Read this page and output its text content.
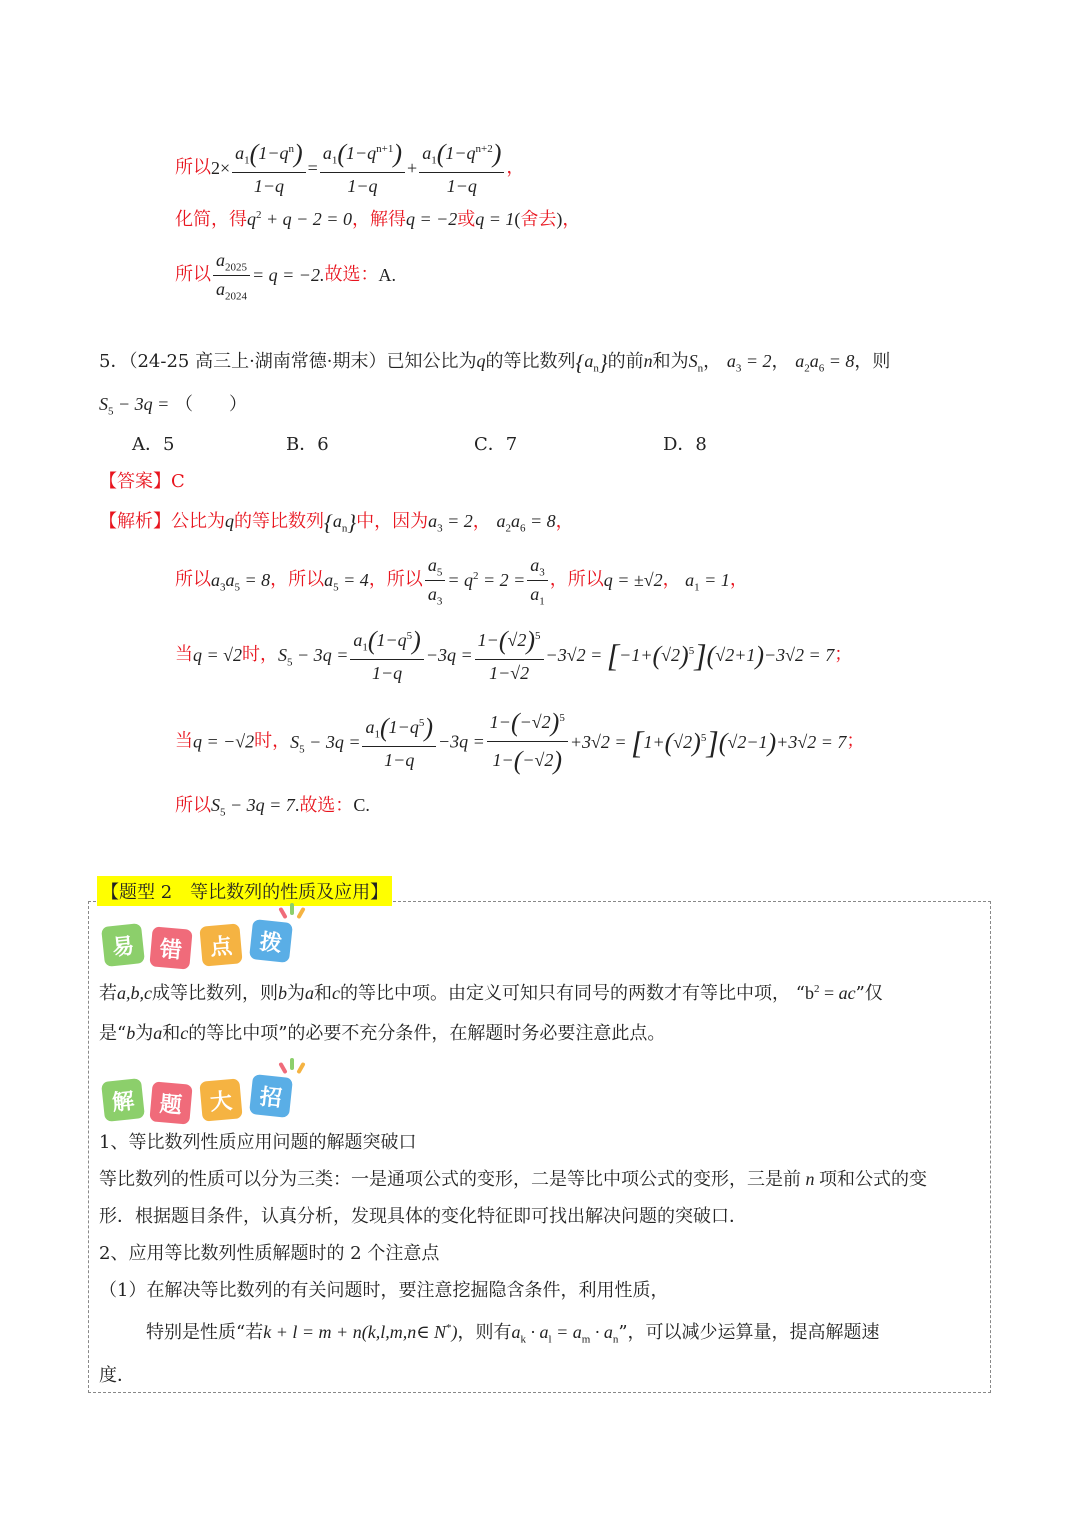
所以$2\times \frac{a_1(1-q^n)}{1-q} = \frac{a_1(1-q^{n+1})}{1-q} + \frac{a_1(1-q^{n+2})}{1-q}$ ，
化简，得$q^2 + q - 2 = 0$，解得q = −2或q = 1(舍去)，
所以 $\frac{a_{2025}}{a_{2024}} = q = -2$.故选：A.
5．（24-25 高三上·湖南常德·期末）已知公比为q的等比数列$\{a_n\}$的前n和为$S_n$， $a_3 = 2$， $a_2a_6 = 8$，则
$S_5 - 3q$ = （　　）
A．5	B．6	C．7	D．8
【答案】C
【解析】公比为q的等比数列$\{a_n\}$中，因为$a_3 = 2$， $a_2a_6 = 8$，
所以$a_3a_5 = 8$，所以$a_5 = 4$，所以 $\frac{a_5}{a_3} = q^2 = 2 = \frac{a_3}{a_1}$ ，所以q = ±√2， $a_1 = 1$，
当q = √2时，$S_5 - 3q = \frac{a_1(1-q^5)}{1-q} -3q = \frac{1-(√2)^5}{1-√2} -3√2 = [-1+(√2)^5](√2+1)-3√2 = 7$；
当q = −√2时，$S_5 - 3q = \frac{a_1(1-q^5)}{1-q} -3q = \frac{1-(-√2)^5}{1-(-√2)} +3√2 = [1+(√2)^5](√2-1)+3√2 = 7$；
所以$S_5 - 3q = 7$.故选：C.
【题型 2　等比数列的性质及应用】
易	错	点	拨
若a,b,c成等比数列，则b为a和c的等比中项。由定义可知只有同号的两数才有等比中项， “$b^2$ = ac”仅
是“b为a和c的等比中项”的必要不充分条件，在解题时务必要注意此点。
解	题	大	招
1、等比数列性质应用问题的解题突破口
等比数列的性质可以分为三类：一是通项公式的变形，二是等比中项公式的变形，三是前 n 项和公式的变
形．根据题目条件，认真分析，发现具体的变化特征即可找出解决问题的突破口．
2、应用等比数列性质解题时的 2 个注意点
（1）在解决等比数列的有关问题时，要注意挖掘隐含条件，利用性质，
特别是性质“若k + l = m + n(k,l,m,n∈ N*)，则有$a_k \cdot a_l = a_m \cdot a_n$”，可以减少运算量，提高解题速
度．
